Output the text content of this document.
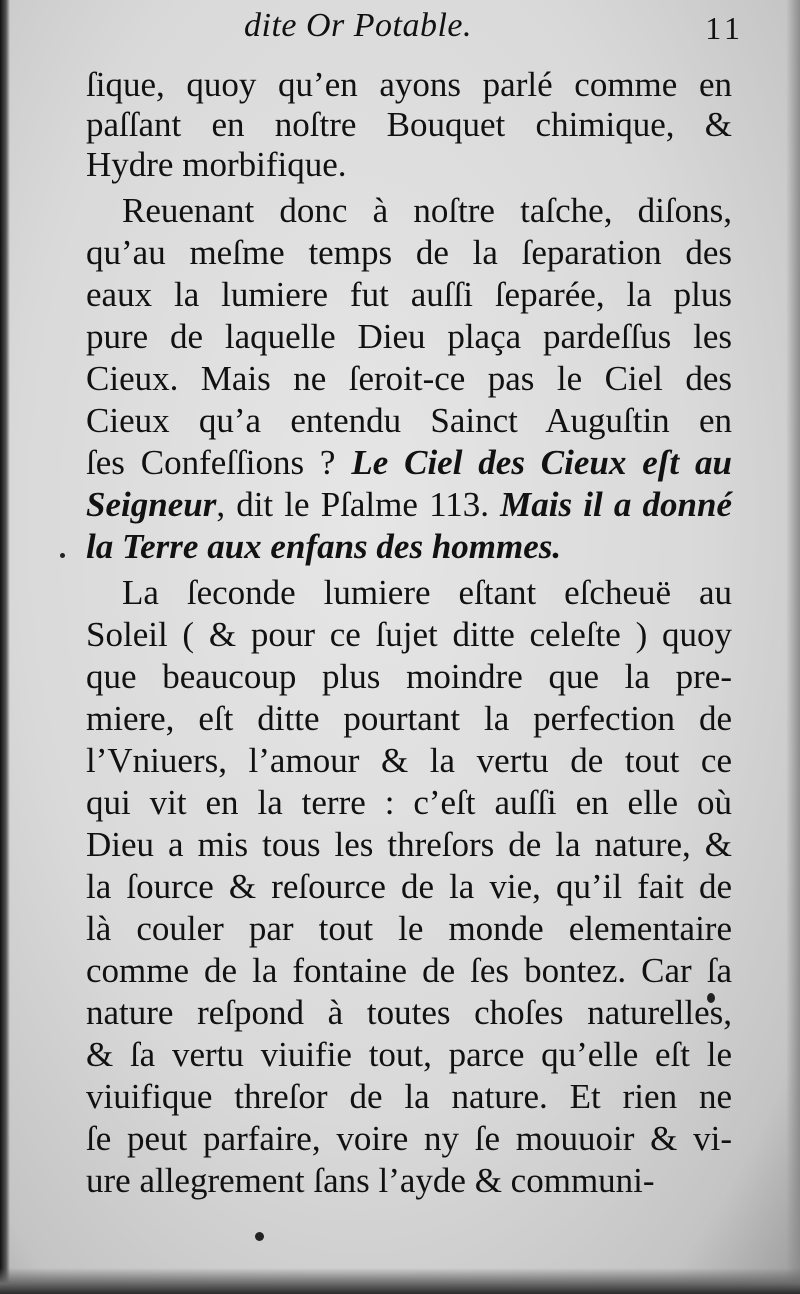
dite Or Potable.	11
ſique, quoy qu’en ayons parlé comme en
paſſant en noſtre Bouquet chimique, &
Hydre morbifique.
Reuenant donc à noſtre taſche, diſons,
qu’au meſme temps de la ſeparation des
eaux la lumiere fut auſſi ſeparée, la plus
pure de laquelle Dieu plaça pardeſſus les
Cieux. Mais ne ſeroit-ce pas le Ciel des
Cieux qu’a entendu Sainct Auguſtin en
ſes Confeſſions ? Le Ciel des Cieux eſt au
Seigneur, dit le Pſalme 113. Mais il a donné
la Terre aux enfans des hommes.
La ſeconde lumiere eſtant eſcheuë au
Soleil ( & pour ce ſujet ditte celeſte ) quoy
que beaucoup plus moindre que la pre-
miere, eſt ditte pourtant la perfection de
l’Vniuers, l’amour & la vertu de tout ce
qui vit en la terre : c’eſt auſſi en elle où
Dieu a mis tous les threſors de la nature, &
la ſource & reſource de la vie, qu’il fait de
là couler par tout le monde elementaire
comme de la fontaine de ſes bontez. Car ſa
nature reſpond à toutes choſes naturelles,
& ſa vertu viuifie tout, parce qu’elle eſt le
viuifique threſor de la nature. Et rien ne
ſe peut parfaire, voire ny ſe mouuoir & vi-
ure allegrement ſans l’ayde & communi-
